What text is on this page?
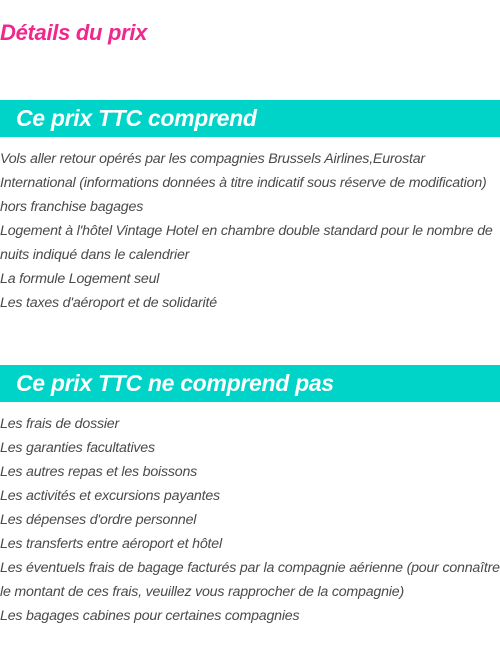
Détails du prix
Ce prix TTC comprend
Vols aller retour opérés par les compagnies Brussels Airlines,Eurostar International (informations données à titre indicatif sous réserve de modification) hors franchise bagages
Logement à l'hôtel Vintage Hotel en chambre double standard pour le nombre de nuits indiqué dans le calendrier
La formule Logement seul
Les taxes d'aéroport et de solidarité
Ce prix TTC ne comprend pas
Les frais de dossier
Les garanties facultatives
Les autres repas et les boissons
Les activités et excursions payantes
Les dépenses d'ordre personnel
Les transferts entre aéroport et hôtel
Les éventuels frais de bagage facturés par la compagnie aérienne (pour connaître le montant de ces frais, veuillez vous rapprocher de la compagnie)
Les bagages cabines pour certaines compagnies
